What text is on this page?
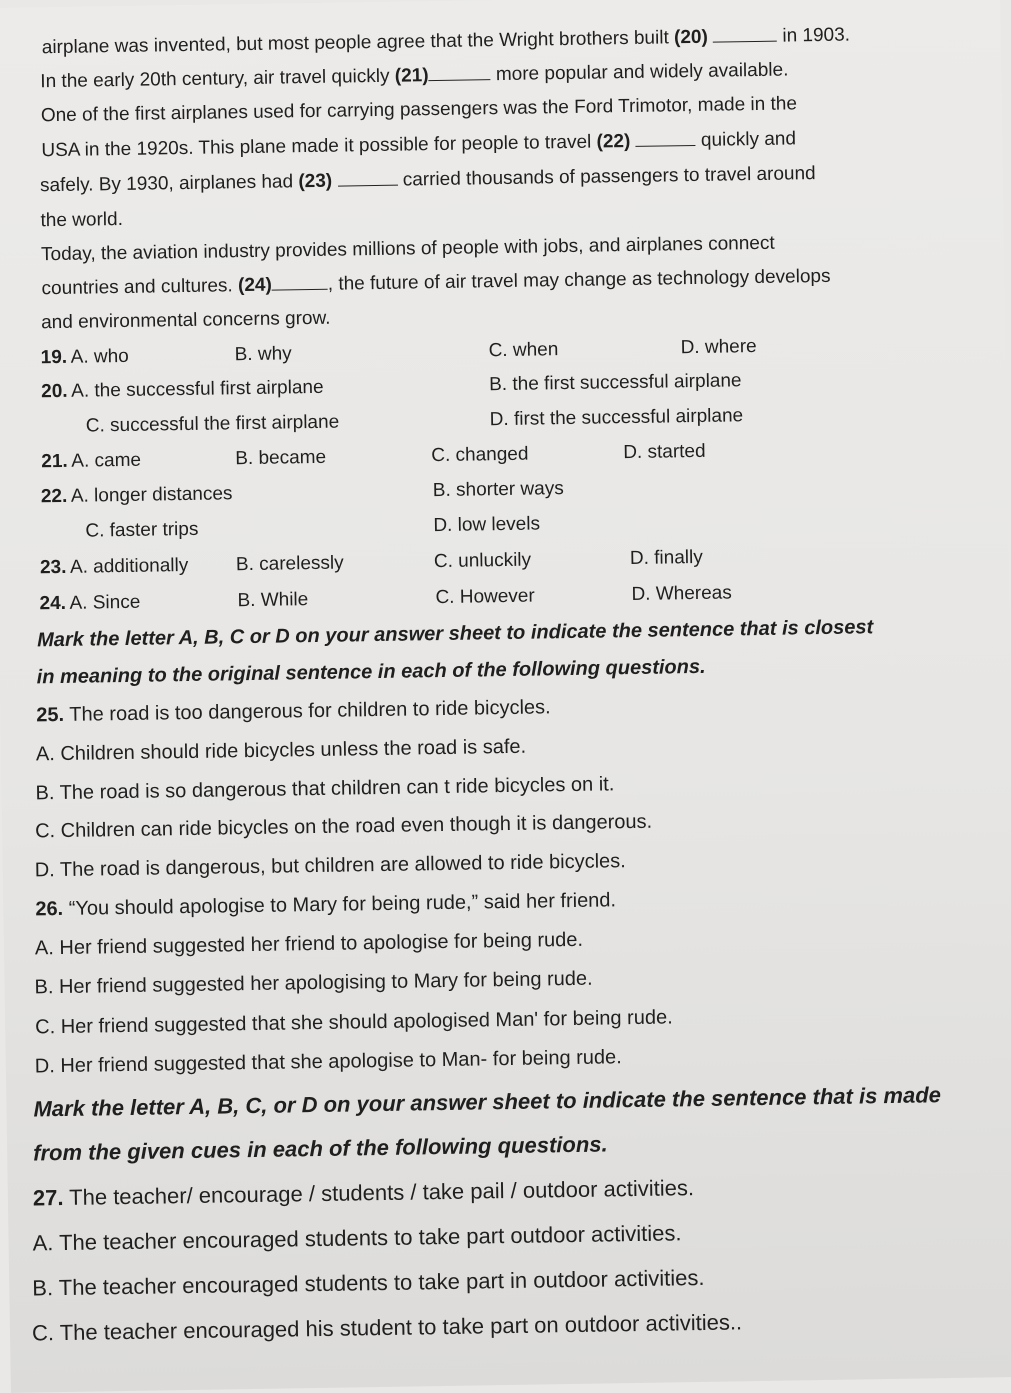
airplane was invented, but most people agree that the Wright brothers built (20)	in 1903.
In the early 20th century, air travel quickly (21)	more popular and widely available.
One of the first airplanes used for carrying passengers was the Ford Trimotor, made in the
USA in the 1920s. This plane made it possible for people to travel (22)	quickly and
safely. By 1930, airplanes had (23)	carried thousands of passengers to travel around
the world.
Today, the aviation industry provides millions of people with jobs, and airplanes connect
countries and cultures. (24)	, the future of air travel may change as technology develops
and environmental concerns grow.
19. A. who	B. why	C. when	D. where
20. A. the successful first airplane	B. the first successful airplane
C. successful the first airplane	D. first the successful airplane
21. A. came	B. became	C. changed	D. started
22. A. longer distances	B. shorter ways
C. faster trips	D. low levels
23. A. additionally B. carelessly	C. unluckily	D. finally
24. A. Since	B. While	C. However	D. Whereas
Mark the letter A, B, C or D on your answer sheet to indicate the sentence that is closest
in meaning to the original sentence in each of the following questions.
25. The road is too dangerous for children to ride bicycles.
A. Children should ride bicycles unless the road is safe.
B. The road is so dangerous that children can t ride bicycles on it.
C. Children can ride bicycles on the road even though it is dangerous.
D. The road is dangerous, but children are allowed to ride bicycles.
26. “You should apologise to Mary for being rude,” said her friend.
A. Her friend suggested her friend to apologise for being rude.
B. Her friend suggested her apologising to Mary for being rude.
C. Her friend suggested that she should apologised Man' for being rude.
D. Her friend suggested that she apologise to Man‑ for being rude.
Mark the letter A, B, C, or D on your answer sheet to indicate the sentence that is made
from the given cues in each of the following questions.
27. The teacher/ encourage / students / take pail / outdoor activities.
A. The teacher encouraged students to take part outdoor activities.
B. The teacher encouraged students to take part in outdoor activities.
C. The teacher encouraged his student to take part on outdoor activities..
